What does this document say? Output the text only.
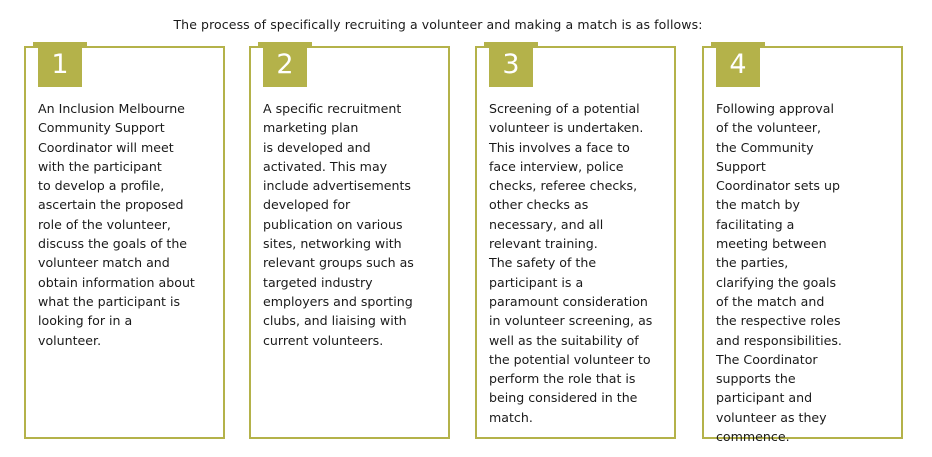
The process of specifically recruiting a volunteer and making a match is as follows:
1
An Inclusion Melbourne
Community Support
Coordinator will meet
with the participant
to develop a profile,
ascertain the proposed
role of the volunteer,
discuss the goals of the
volunteer match and
obtain information about
what the participant is
looking for in a
volunteer.
2
A specific recruitment
marketing plan
is developed and
activated. This may
include advertisements
developed for
publication on various
sites, networking with
relevant groups such as
targeted industry
employers and sporting
clubs, and liaising with
current volunteers.
3
Screening of a potential
volunteer is undertaken.
This involves a face to
face interview, police
checks, referee checks,
other checks as
necessary, and all
relevant training.
The safety of the
participant is a
paramount consideration
in volunteer screening, as
well as the suitability of
the potential volunteer to
perform the role that is
being considered in the
match.
4
Following approval
of the volunteer,
the Community
Support
Coordinator sets up
the match by
facilitating a
meeting between
the parties,
clarifying the goals
of the match and
the respective roles
and responsibilities.
The Coordinator
supports the
participant and
volunteer as they
commence.
